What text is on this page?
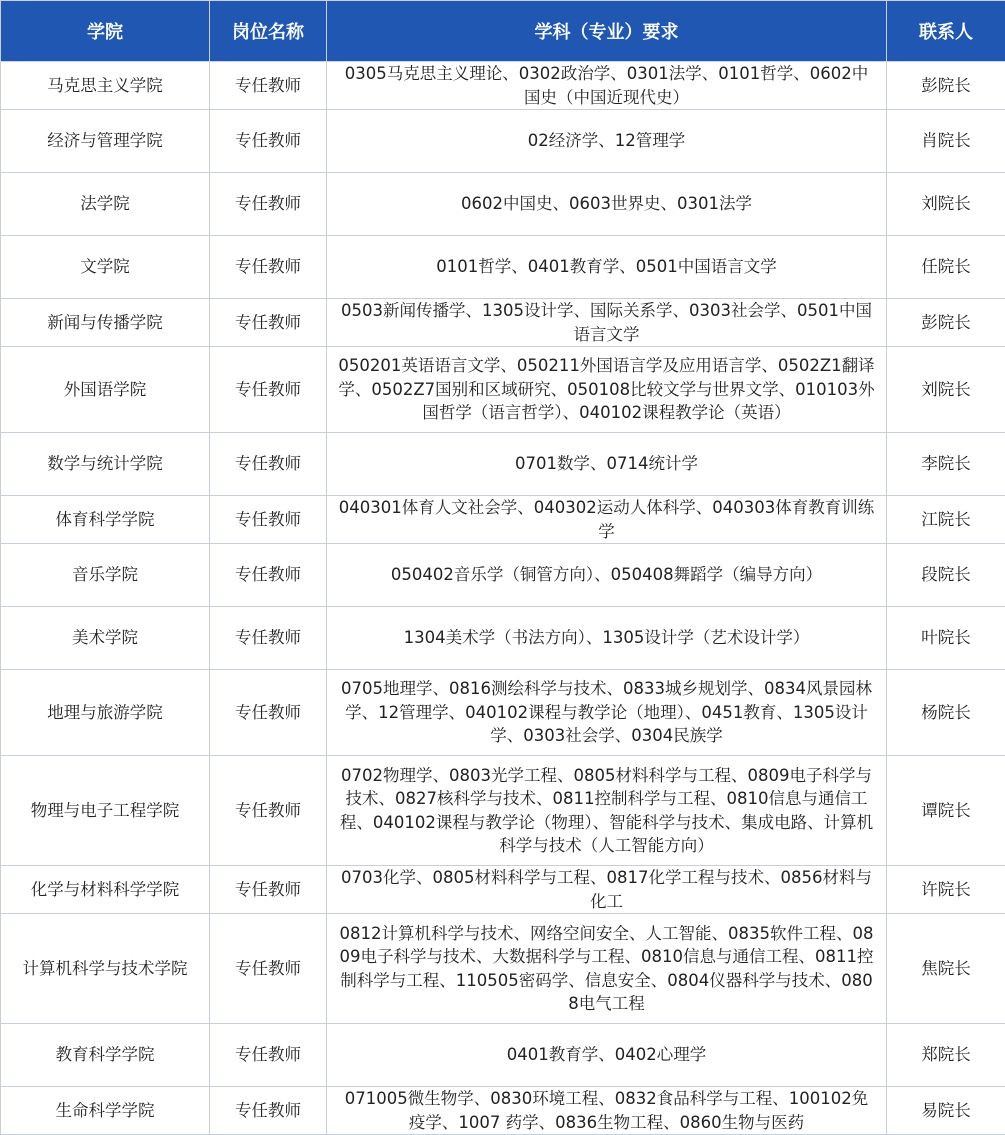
学院	岗位名称	学科（专业）要求	联系人
马克思主义学院	专任教师	0305马克思主义理论、0302政治学、0301法学、0101哲学、0602中国史（中国近现代史）	彭院长
经济与管理学院	专任教师	02经济学、12管理学	肖院长
法学院	专任教师	0602中国史、0603世界史、0301法学	刘院长
文学院	专任教师	0101哲学、0401教育学、0501中国语言文学	任院长
新闻与传播学院	专任教师	0503新闻传播学、1305设计学、国际关系学、0303社会学、0501中国语言文学	彭院长
外国语学院	专任教师	050201英语语言文学、050211外国语言学及应用语言学、0502Z1翻译学、0502Z7国别和区域研究、050108比较文学与世界文学、010103外国哲学（语言哲学）、040102课程教学论（英语）	刘院长
数学与统计学院	专任教师	0701数学、0714统计学	李院长
体育科学学院	专任教师	040301体育人文社会学、040302运动人体科学、040303体育教育训练学	江院长
音乐学院	专任教师	050402音乐学（铜管方向）、050408舞蹈学（编导方向）	段院长
美术学院	专任教师	1304美术学（书法方向）、1305设计学（艺术设计学）	叶院长
地理与旅游学院	专任教师	0705地理学、0816测绘科学与技术、0833城乡规划学、0834风景园林学、12管理学、040102课程与教学论（地理）、0451教育、1305设计学、0303社会学、0304民族学	杨院长
物理与电子工程学院	专任教师	0702物理学、0803光学工程、0805材料科学与工程、0809电子科学与技术、0827核科学与技术、0811控制科学与工程、0810信息与通信工程、040102课程与教学论（物理）、智能科学与技术、集成电路、计算机科学与技术（人工智能方向）	谭院长
化学与材料科学学院	专任教师	0703化学、0805材料科学与工程、0817化学工程与技术、0856材料与化工	许院长
计算机科学与技术学院	专任教师	0812计算机科学与技术、网络空间安全、人工智能、0835软件工程、0809电子科学与技术、大数据科学与工程、0810信息与通信工程、0811控制科学与工程、110505密码学、信息安全、0804仪器科学与技术、0808电气工程	焦院长
教育科学学院	专任教师	0401教育学、0402心理学	郑院长
生命科学学院	专任教师	071005微生物学、0830环境工程、0832食品科学与工程、100102免疫学、1007 药学、0836生物工程、0860生物与医药	易院长
